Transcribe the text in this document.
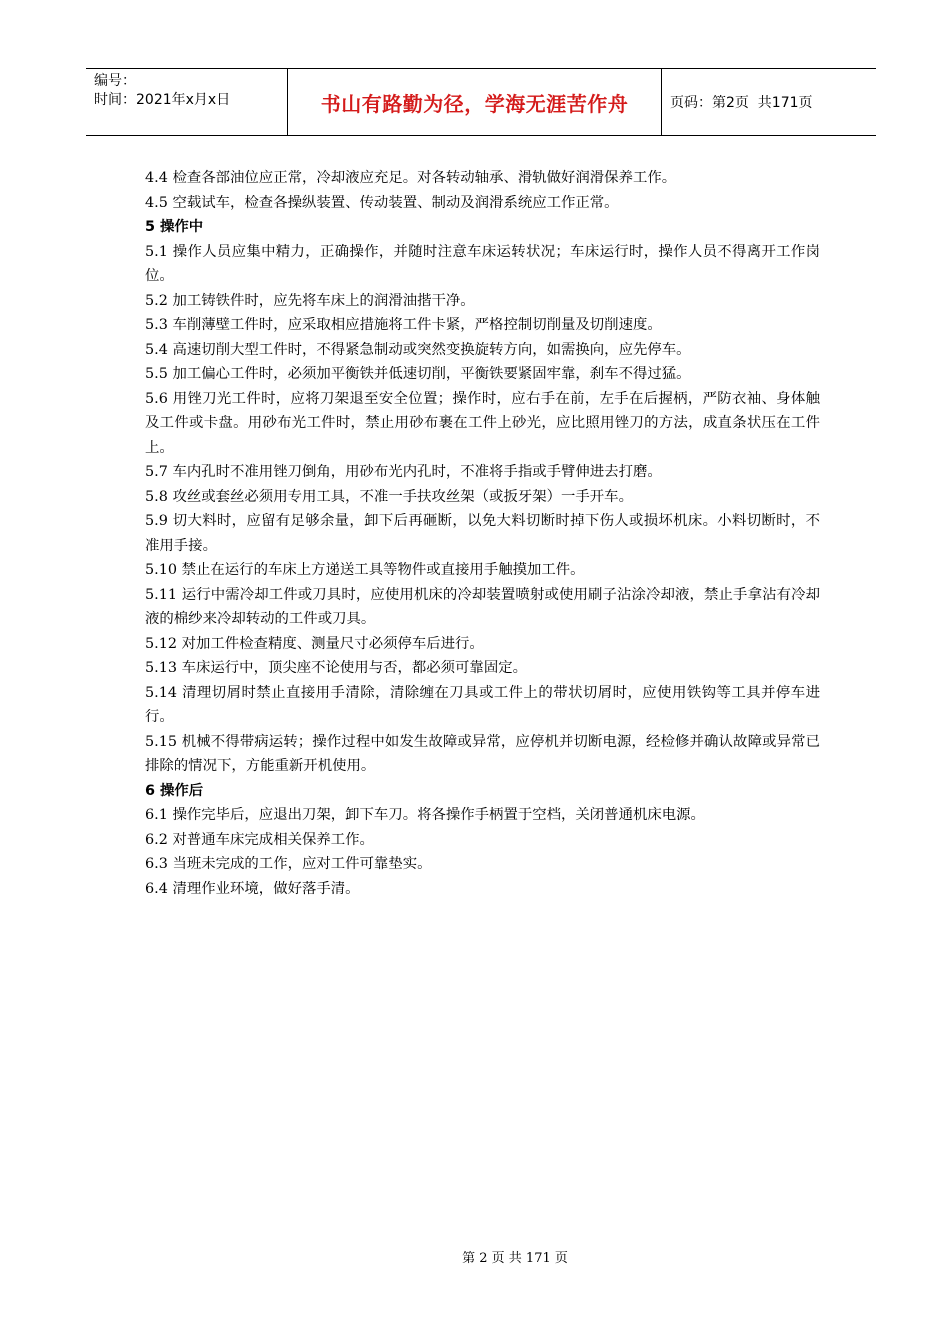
编号：
时间：2021年x月x日	书山有路勤为径，学海无涯苦作舟	页码：第2页  共171页

4.4 检查各部油位应正常，冷却液应充足。对各转动轴承、滑轨做好润滑保养工作。

4.5 空载试车，检查各操纵装置、传动装置、制动及润滑系统应工作正常。

5 操作中

5.1 操作人员应集中精力，正确操作，并随时注意车床运转状况；车床运行时，操作人员不得离开工作岗位。

5.2 加工铸铁件时，应先将车床上的润滑油揩干净。

5.3 车削薄壁工件时，应采取相应措施将工件卡紧，严格控制切削量及切削速度。

5.4 高速切削大型工件时，不得紧急制动或突然变换旋转方向，如需换向，应先停车。

5.5 加工偏心工件时，必须加平衡铁并低速切削，平衡铁要紧固牢靠，刹车不得过猛。

5.6 用锉刀光工件时，应将刀架退至安全位置；操作时，应右手在前，左手在后握柄，严防衣袖、身体触及工件或卡盘。用砂布光工件时，禁止用砂布裹在工件上砂光，应比照用锉刀的方法，成直条状压在工件上。

5.7 车内孔时不准用锉刀倒角，用砂布光内孔时，不准将手指或手臂伸进去打磨。

5.8 攻丝或套丝必须用专用工具，不准一手扶攻丝架（或扳牙架）一手开车。

5.9 切大料时，应留有足够余量，卸下后再砸断，以免大料切断时掉下伤人或损坏机床。小料切断时，不准用手接。

5.10 禁止在运行的车床上方递送工具等物件或直接用手触摸加工件。

5.11 运行中需冷却工件或刀具时，应使用机床的冷却装置喷射或使用刷子沾涂冷却液，禁止手拿沾有冷却液的棉纱来冷却转动的工件或刀具。

5.12 对加工件检查精度、测量尺寸必须停车后进行。

5.13 车床运行中，顶尖座不论使用与否，都必须可靠固定。

5.14 清理切屑时禁止直接用手清除，清除缠在刀具或工件上的带状切屑时，应使用铁钩等工具并停车进行。

5.15 机械不得带病运转；操作过程中如发生故障或异常，应停机并切断电源，经检修并确认故障或异常已排除的情况下，方能重新开机使用。

6 操作后

6.1 操作完毕后，应退出刀架，卸下车刀。将各操作手柄置于空档，关闭普通机床电源。

6.2 对普通车床完成相关保养工作。

6.3 当班未完成的工作，应对工件可靠垫实。

6.4 清理作业环境，做好落手清。

第 2 页 共 171 页
